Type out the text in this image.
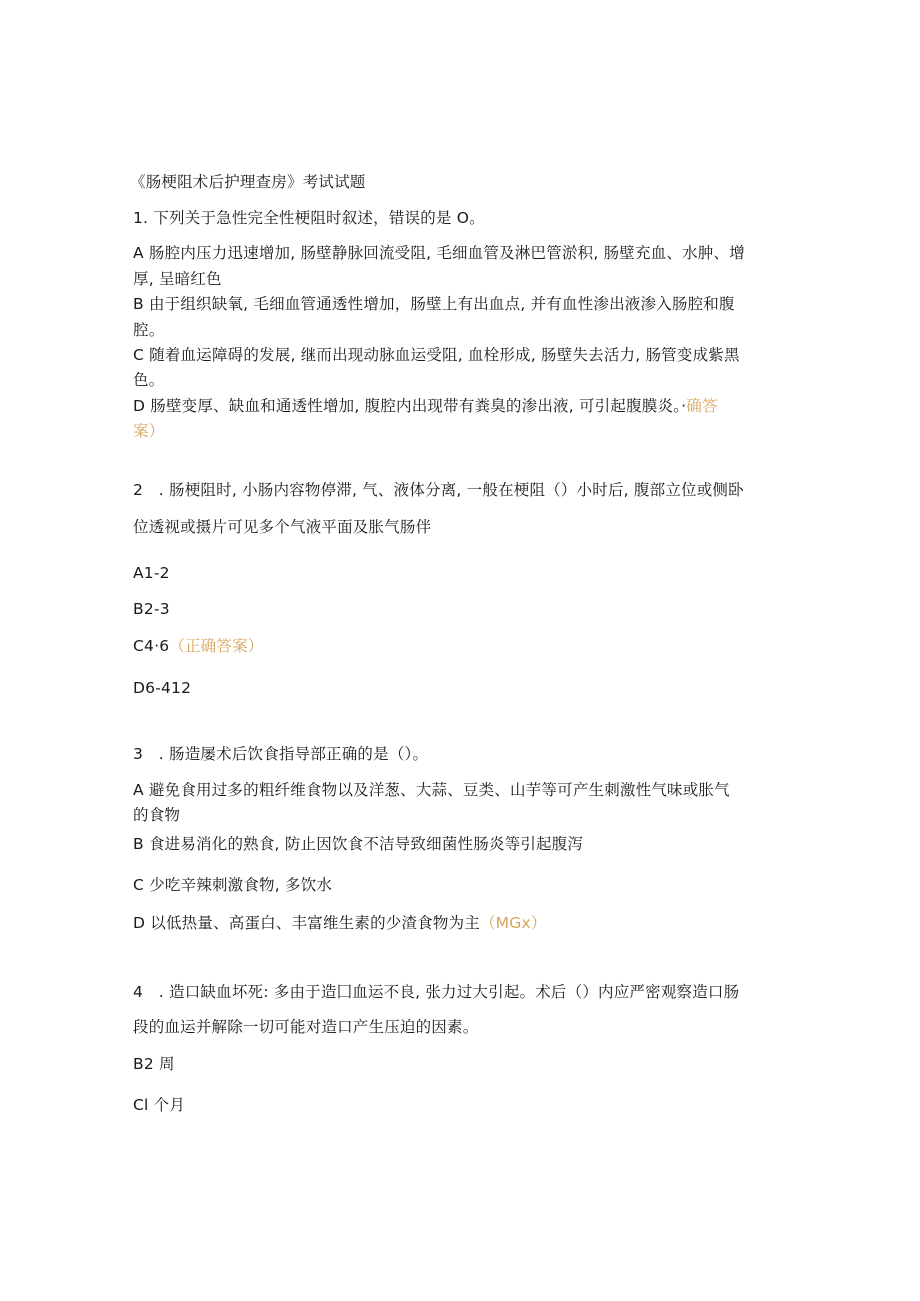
《肠梗阻术后护理查房》考试试题
1. 下列关于急性完全性梗阻时叙述，错误的是 O。
A 肠腔内压力迅速增加, 肠壁静脉回流受阻, 毛细血管及淋巴管淤积, 肠壁充血、水肿、增
厚, 呈暗红色
B 由于组织缺氧, 毛细血管通透性增加，肠壁上有出血点, 并有血性渗出液渗入肠腔和腹
腔。
C 随着血运障碍的发展, 继而出现动脉血运受阻, 血栓形成, 肠壁失去活力, 肠管变成紫黑
色。
D 肠壁变厚、缺血和通透性增加, 腹腔内出现带有粪臭的渗出液, 可引起腹膜炎。·确答
案）
2　. 肠梗阻时, 小肠内容物停滞, 气、液体分离, 一般在梗阻（）小时后, 腹部立位或侧卧
位透视或摄片可见多个气液平面及胀气肠伴
A1-2
B2-3
C4·6（正确答案）
D6-412
3　. 肠造屡术后饮食指导部正确的是（）。
A 避免食用过多的粗纤维食物以及洋葱、大蒜、豆类、山芋等可产生刺激性气味或胀气
的食物
B 食进易消化的熟食, 防止因饮食不洁导致细菌性肠炎等引起腹泻
C 少吃辛辣刺激食物, 多饮水
D 以低热量、高蛋白、丰富维生素的少渣食物为主（MGx）
4　. 造口缺血坏死: 多由于造囗血运不良, 张力过大引起。术后（）内应严密观察造口肠
段的血运并解除一切可能对造口产生压迫的因素。
B2 周
Cl 个月
